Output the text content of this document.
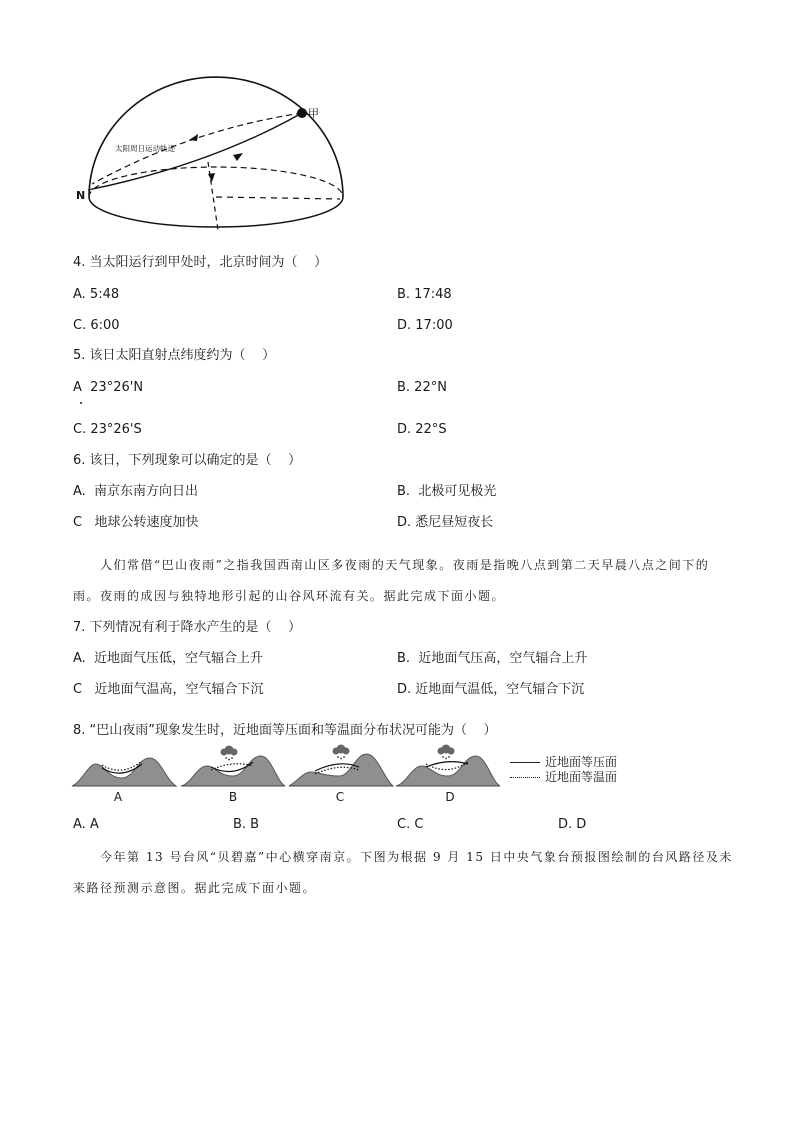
甲
太阳周日运动轨迹
N
4. 当太阳运行到甲处时，北京时间为（    ）
A. 5:48	B. 17:48
C. 6:00	D. 17:00
5. 该日太阳直射点纬度约为（    ）
A  23°26'N	B. 22°N
C. 23°26'S	D. 22°S
6. 该日，下列现象可以确定的是（    ）
A.  南京东南方向日出	B.  北极可见极光
C   地球公转速度加快	D. 悉尼昼短夜长
人们常借“巴山夜雨”之指我国西南山区多夜雨的天气现象。夜雨是指晚八点到第二天早晨八点之间下的
雨。夜雨的成因与独特地形引起的山谷风环流有关。据此完成下面小题。
7. 下列情况有利于降水产生的是（    ）
A.  近地面气压低，空气辐合上升	B.  近地面气压高，空气辐合上升
C   近地面气温高，空气辐合下沉	D. 近地面气温低，空气辐合下沉
8. “巴山夜雨”现象发生时，近地面等压面和等温面分布状况可能为（    ）
A	B	C	D
近地面等压面
近地面等温面
A. A	B. B	C. C	D. D
今年第 13 号台风“贝碧嘉”中心横穿南京。下图为根据 9 月 15 日中央气象台预报图绘制的台风路径及未
来路径预测示意图。据此完成下面小题。
